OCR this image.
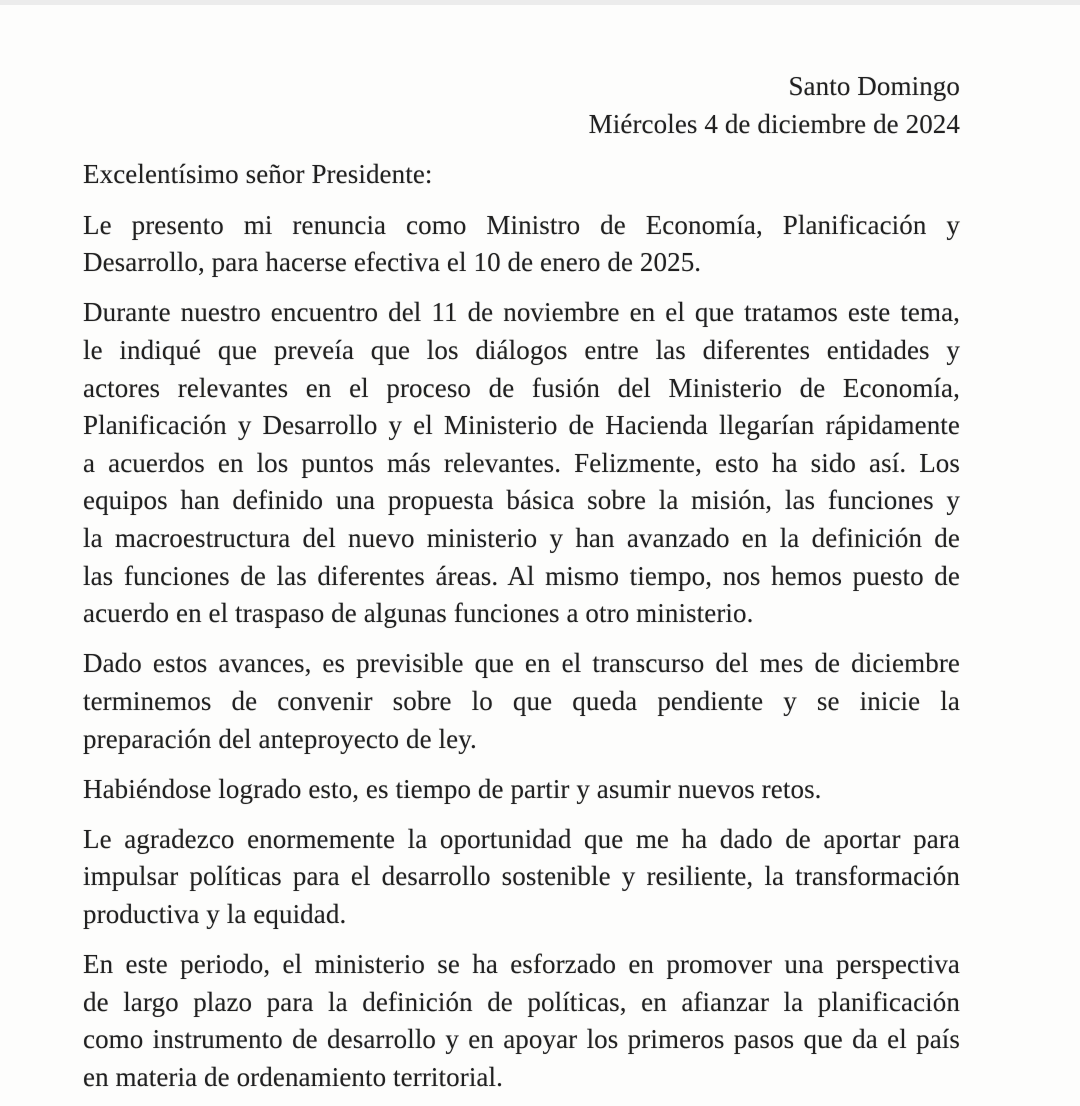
Santo Domingo
Miércoles 4 de diciembre de 2024
Excelentísimo señor Presidente:
Le presento mi renuncia como Ministro de Economía, Planificación y
Desarrollo, para hacerse efectiva el 10 de enero de 2025.
Durante nuestro encuentro del 11 de noviembre en el que tratamos este tema,
le indiqué que preveía que los diálogos entre las diferentes entidades y
actores relevantes en el proceso de fusión del Ministerio de Economía,
Planificación y Desarrollo y el Ministerio de Hacienda llegarían rápidamente
a acuerdos en los puntos más relevantes. Felizmente, esto ha sido así. Los
equipos han definido una propuesta básica sobre la misión, las funciones y
la macroestructura del nuevo ministerio y han avanzado en la definición de
las funciones de las diferentes áreas. Al mismo tiempo, nos hemos puesto de
acuerdo en el traspaso de algunas funciones a otro ministerio.
Dado estos avances, es previsible que en el transcurso del mes de diciembre
terminemos de convenir sobre lo que queda pendiente y se inicie la
preparación del anteproyecto de ley.
Habiéndose logrado esto, es tiempo de partir y asumir nuevos retos.
Le agradezco enormemente la oportunidad que me ha dado de aportar para
impulsar políticas para el desarrollo sostenible y resiliente, la transformación
productiva y la equidad.
En este periodo, el ministerio se ha esforzado en promover una perspectiva
de largo plazo para la definición de políticas, en afianzar la planificación
como instrumento de desarrollo y en apoyar los primeros pasos que da el país
en materia de ordenamiento territorial.
